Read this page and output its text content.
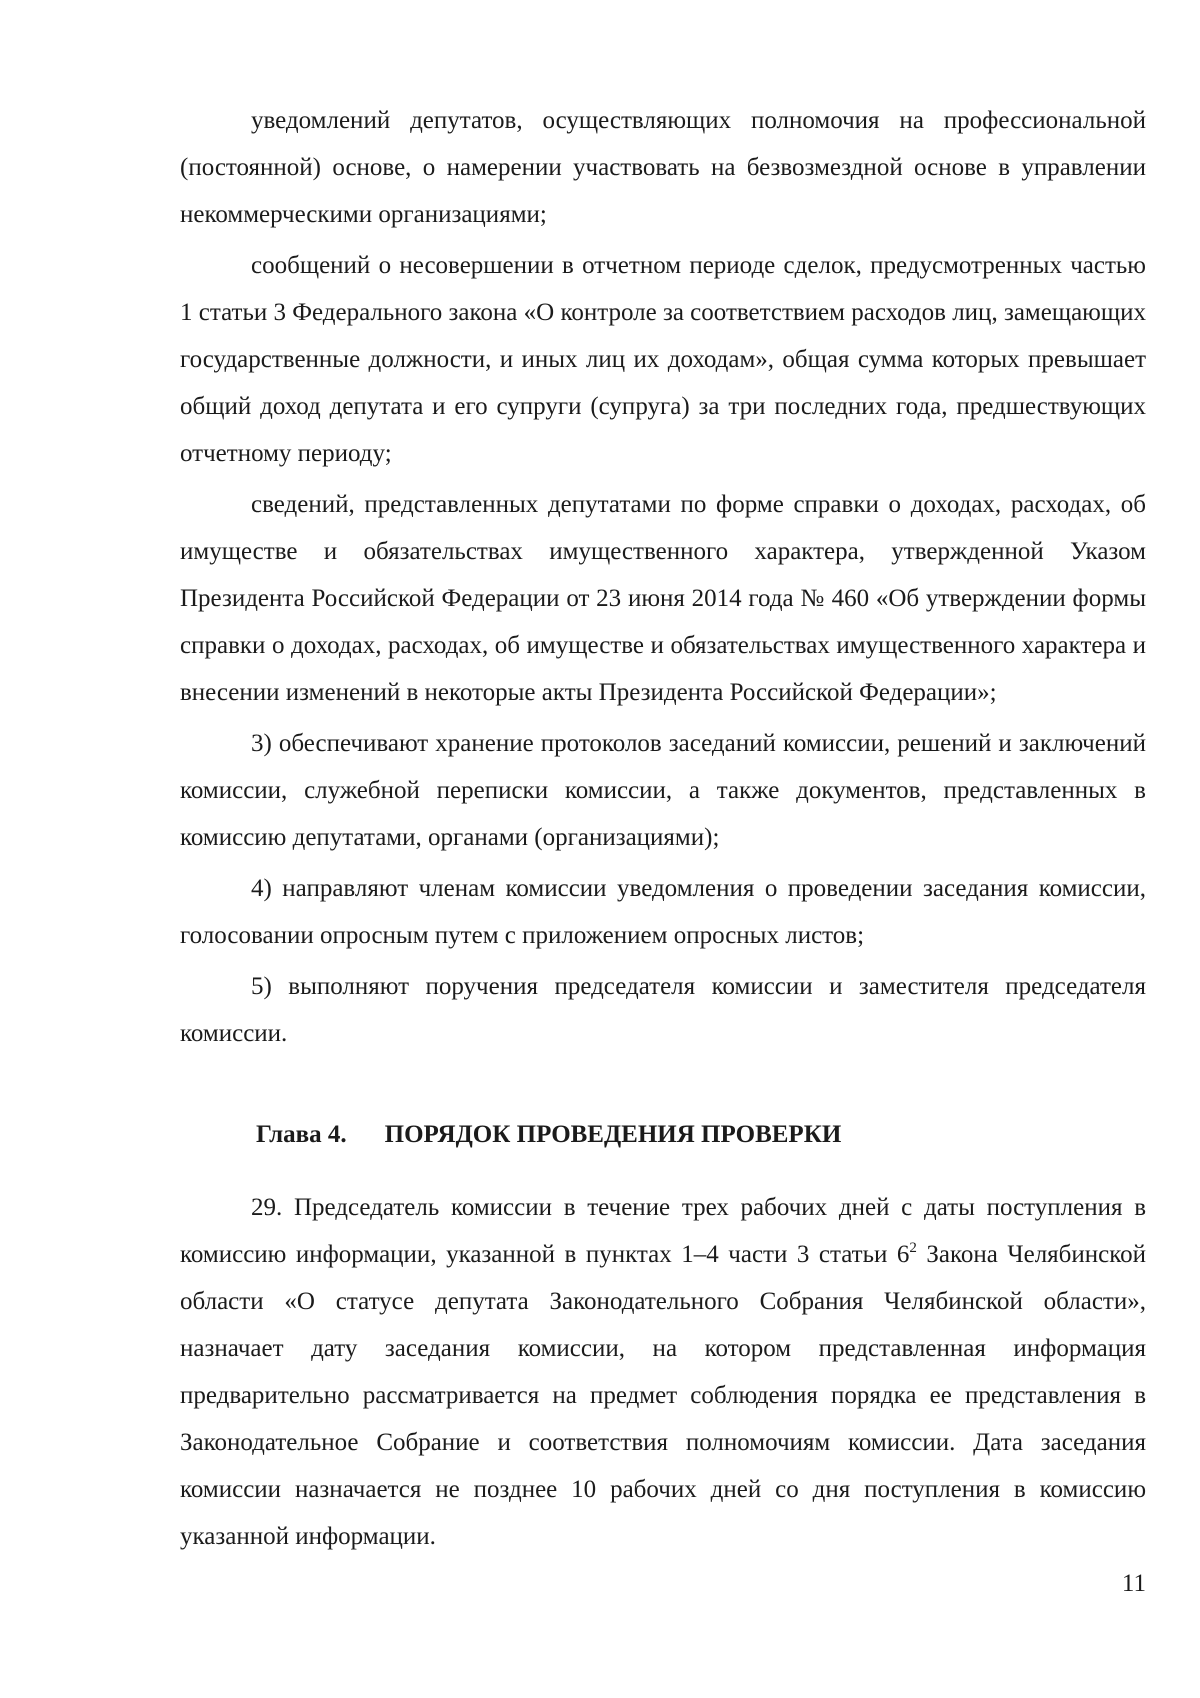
уведомлений депутатов, осуществляющих полномочия на профессиональной (постоянной) основе, о намерении участвовать на безвозмездной основе в управлении некоммерческими организациями;

сообщений о несовершении в отчетном периоде сделок, предусмотренных частью 1 статьи 3 Федерального закона «О контроле за соответствием расходов лиц, замещающих государственные должности, и иных лиц их доходам», общая сумма которых превышает общий доход депутата и его супруги (супруга) за три последних года, предшествующих отчетному периоду;

сведений, представленных депутатами по форме справки о доходах, расходах, об имуществе и обязательствах имущественного характера, утвержденной Указом Президента Российской Федерации от 23 июня 2014 года № 460 «Об утверждении формы справки о доходах, расходах, об имуществе и обязательствах имущественного характера и внесении изменений в некоторые акты Президента Российской Федерации»;

3) обеспечивают хранение протоколов заседаний комиссии, решений и заключений комиссии, служебной переписки комиссии, а также документов, представленных в комиссию депутатами, органами (организациями);

4) направляют членам комиссии уведомления о проведении заседания комиссии, голосовании опросным путем с приложением опросных листов;

5) выполняют поручения председателя комиссии и заместителя председателя комиссии.

Глава 4. ПОРЯДОК ПРОВЕДЕНИЯ ПРОВЕРКИ

29. Председатель комиссии в течение трех рабочих дней с даты поступления в комиссию информации, указанной в пунктах 1–4 части 3 статьи $6^2$ Закона Челябинской области «О статусе депутата Законодательного Собрания Челябинской области», назначает дату заседания комиссии, на котором представленная информация предварительно рассматривается на предмет соблюдения порядка ее представления в Законодательное Собрание и соответствия полномочиям комиссии. Дата заседания комиссии назначается не позднее 10 рабочих дней со дня поступления в комиссию указанной информации.

11
